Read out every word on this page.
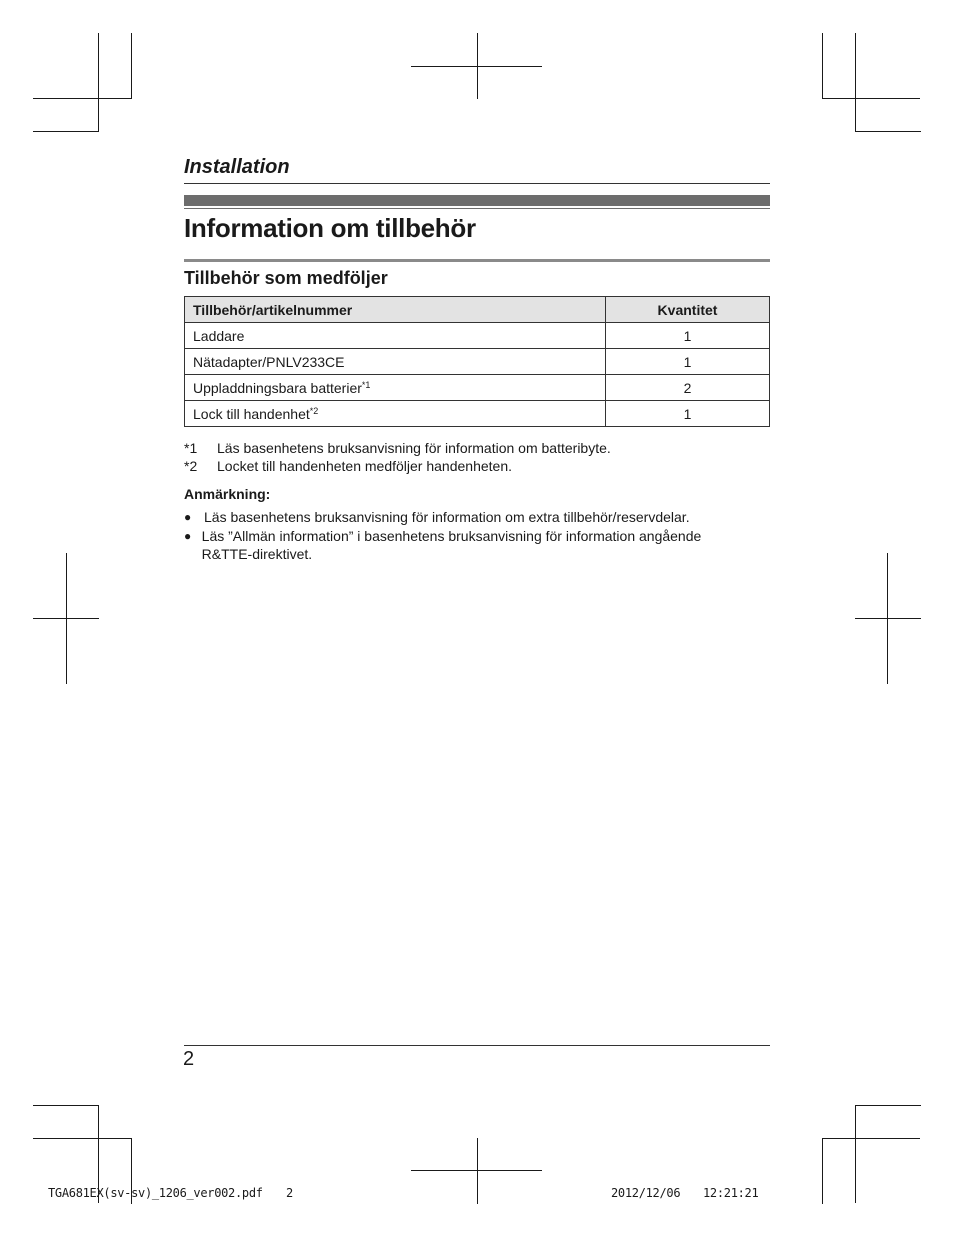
Installation
Information om tillbehör
Tillbehör som medföljer
Tillbehör/artikelnummer	Kvantitet
Laddare	1
Nätadapter/PNLV233CE	1
Uppladdningsbara batterier$^{*1}$	2
Lock till handenhet$^{*2}$	1
*1	Läs basenhetens bruksanvisning för information om batteribyte.
*2	Locket till handenheten medföljer handenheten.
Anmärkning:
● Läs basenhetens bruksanvisning för information om extra tillbehör/reservdelar.
● Läs ”Allmän information” i basenhetens bruksanvisning för information angående R&TTE-direktivet.
2
TGA681EX(sv-sv)_1206_ver002.pdf 2	2012/12/06 12:21:21
